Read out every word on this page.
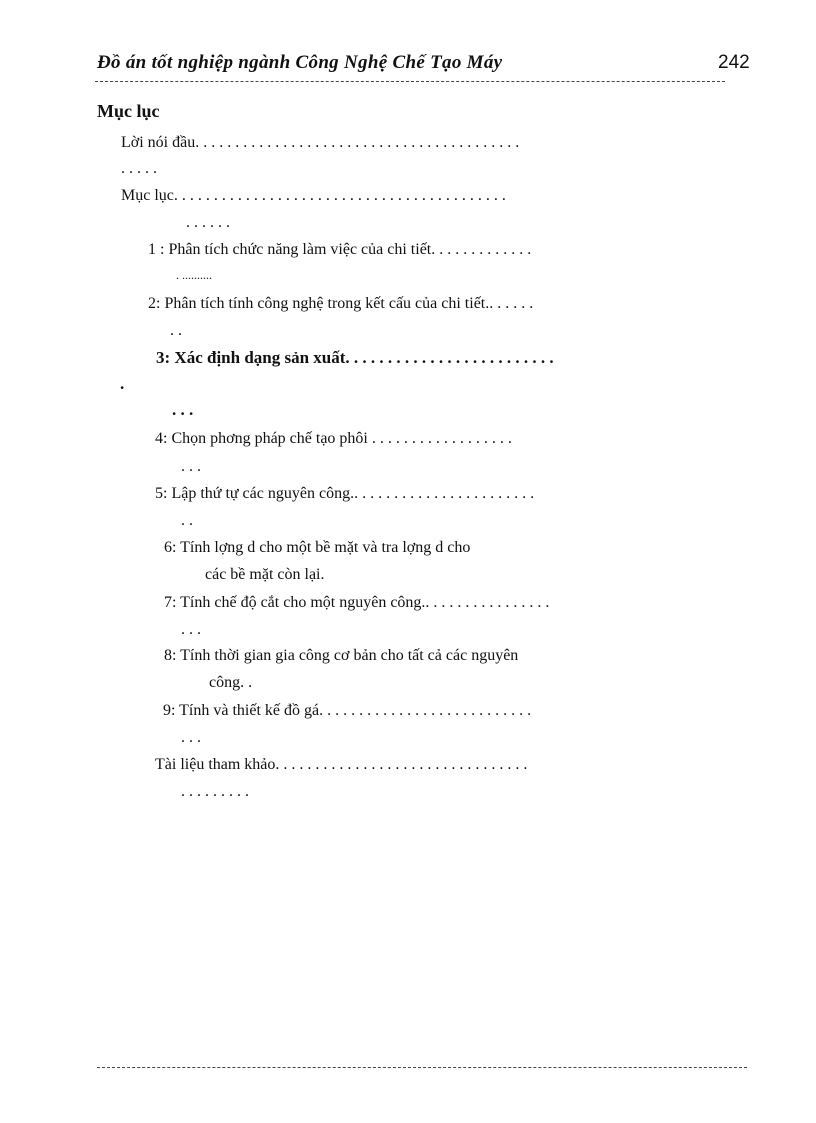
Đồ án tốt nghiệp ngành Công Nghệ Chế Tạo Máy	242
Mục lục
Lời nói đầu. . . . . . . . . . . . . . . . . . . . . . . . . . . . . . . . . . . . . . . . .
. . . . .
Mục lục. . . . . . . . . . . . . . . . . . . . . . . . . . . . . . . . . . . . . . . . . .
. . . . . .
1 : Phân tích chức năng làm việc của chi tiết. . . . . . . . . . . . .
. ..........
2: Phân tích tính công nghệ trong kết cấu của chi tiết.. . . . . .
. .
3: Xác định dạng sản xuất. . . . . . . . . . . . . . . . . . . . . . . . .
.
. . .
4: Chọn phơng pháp chế tạo phôi . . . . . . . . . . . . . . . . . .
. . .
5: Lập thứ tự các nguyên công.. . . . . . . . . . . . . . . . . . . . . . .
. .
6: Tính lợng d cho một bề mặt và tra lợng d cho
các bề mặt còn lại.
7: Tính chế độ cắt cho một nguyên công.. . . . . . . . . . . . . . . .
. . .
8: Tính thời gian gia công cơ bản cho tất cả các nguyên
công. .
9: Tính và thiết kế đồ gá. . . . . . . . . . . . . . . . . . . . . . . . . . .
. . .
Tài liệu tham khảo. . . . . . . . . . . . . . . . . . . . . . . . . . . . . . . .
. . . . . . . . .
